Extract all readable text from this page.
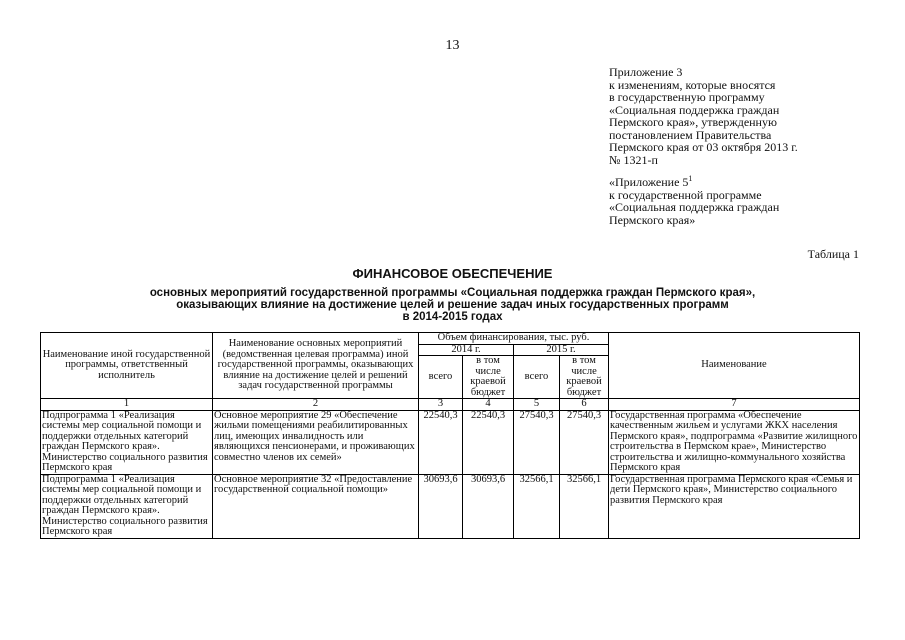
13
Приложение 3
к изменениям, которые вносятся
в государственную программу
«Социальная поддержка граждан
Пермского края», утвержденную
постановлением Правительства
Пермского края от 03 октября 2013 г.
№ 1321-п
«Приложение $5^1$
к государственной программе
«Социальная поддержка граждан
Пермского края»
Таблица 1
ФИНАНСОВОЕ ОБЕСПЕЧЕНИЕ
основных мероприятий государственной программы «Социальная поддержка граждан Пермского края»,
оказывающих влияние на достижение целей и решение задач иных государственных программ
в 2014-2015 годах
Наименование иной государственной программы, ответственный исполнитель	Наименование основных мероприятий (ведомственная целевая программа) иной государственной программы, оказывающих влияние на достижение целей и решений задач государственной программы	Объем финансирования, тыс. руб.				Наименование
		2014 г.		2015 г.		
		всего	в том числе краевой бюджет	всего	в том числе краевой бюджет	
1	2	3	4	5	6	7
Подпрограмма 1 «Реализация системы мер социальной помощи и поддержки отдельных категорий граждан Пермского края». Министерство социального развития Пермского края	Основное мероприятие 29 «Обеспечение жильми помещениями реабилитированных лиц, имеющих инвалидность или являющихся пенсионерами, и проживающих совместно членов их семей»	22540,3	22540,3	27540,3	27540,3	Государственная программа «Обеспечение качественным жильем и услугами ЖКХ населения Пермского края», подпрограмма «Развитие жилищного строительства в Пермском крае», Министерство строительства и жилищно-коммунального хозяйства Пермского края
Подпрограмма 1 «Реализация системы мер социальной помощи и поддержки отдельных категорий граждан Пермского края». Министерство социального развития Пермского края	Основное мероприятие 32 «Предоставление государственной социальной помощи»	30693,6	30693,6	32566,1	32566,1	Государственная программа Пермского края «Семья и дети Пермского края», Министерство социального развития Пермского края
